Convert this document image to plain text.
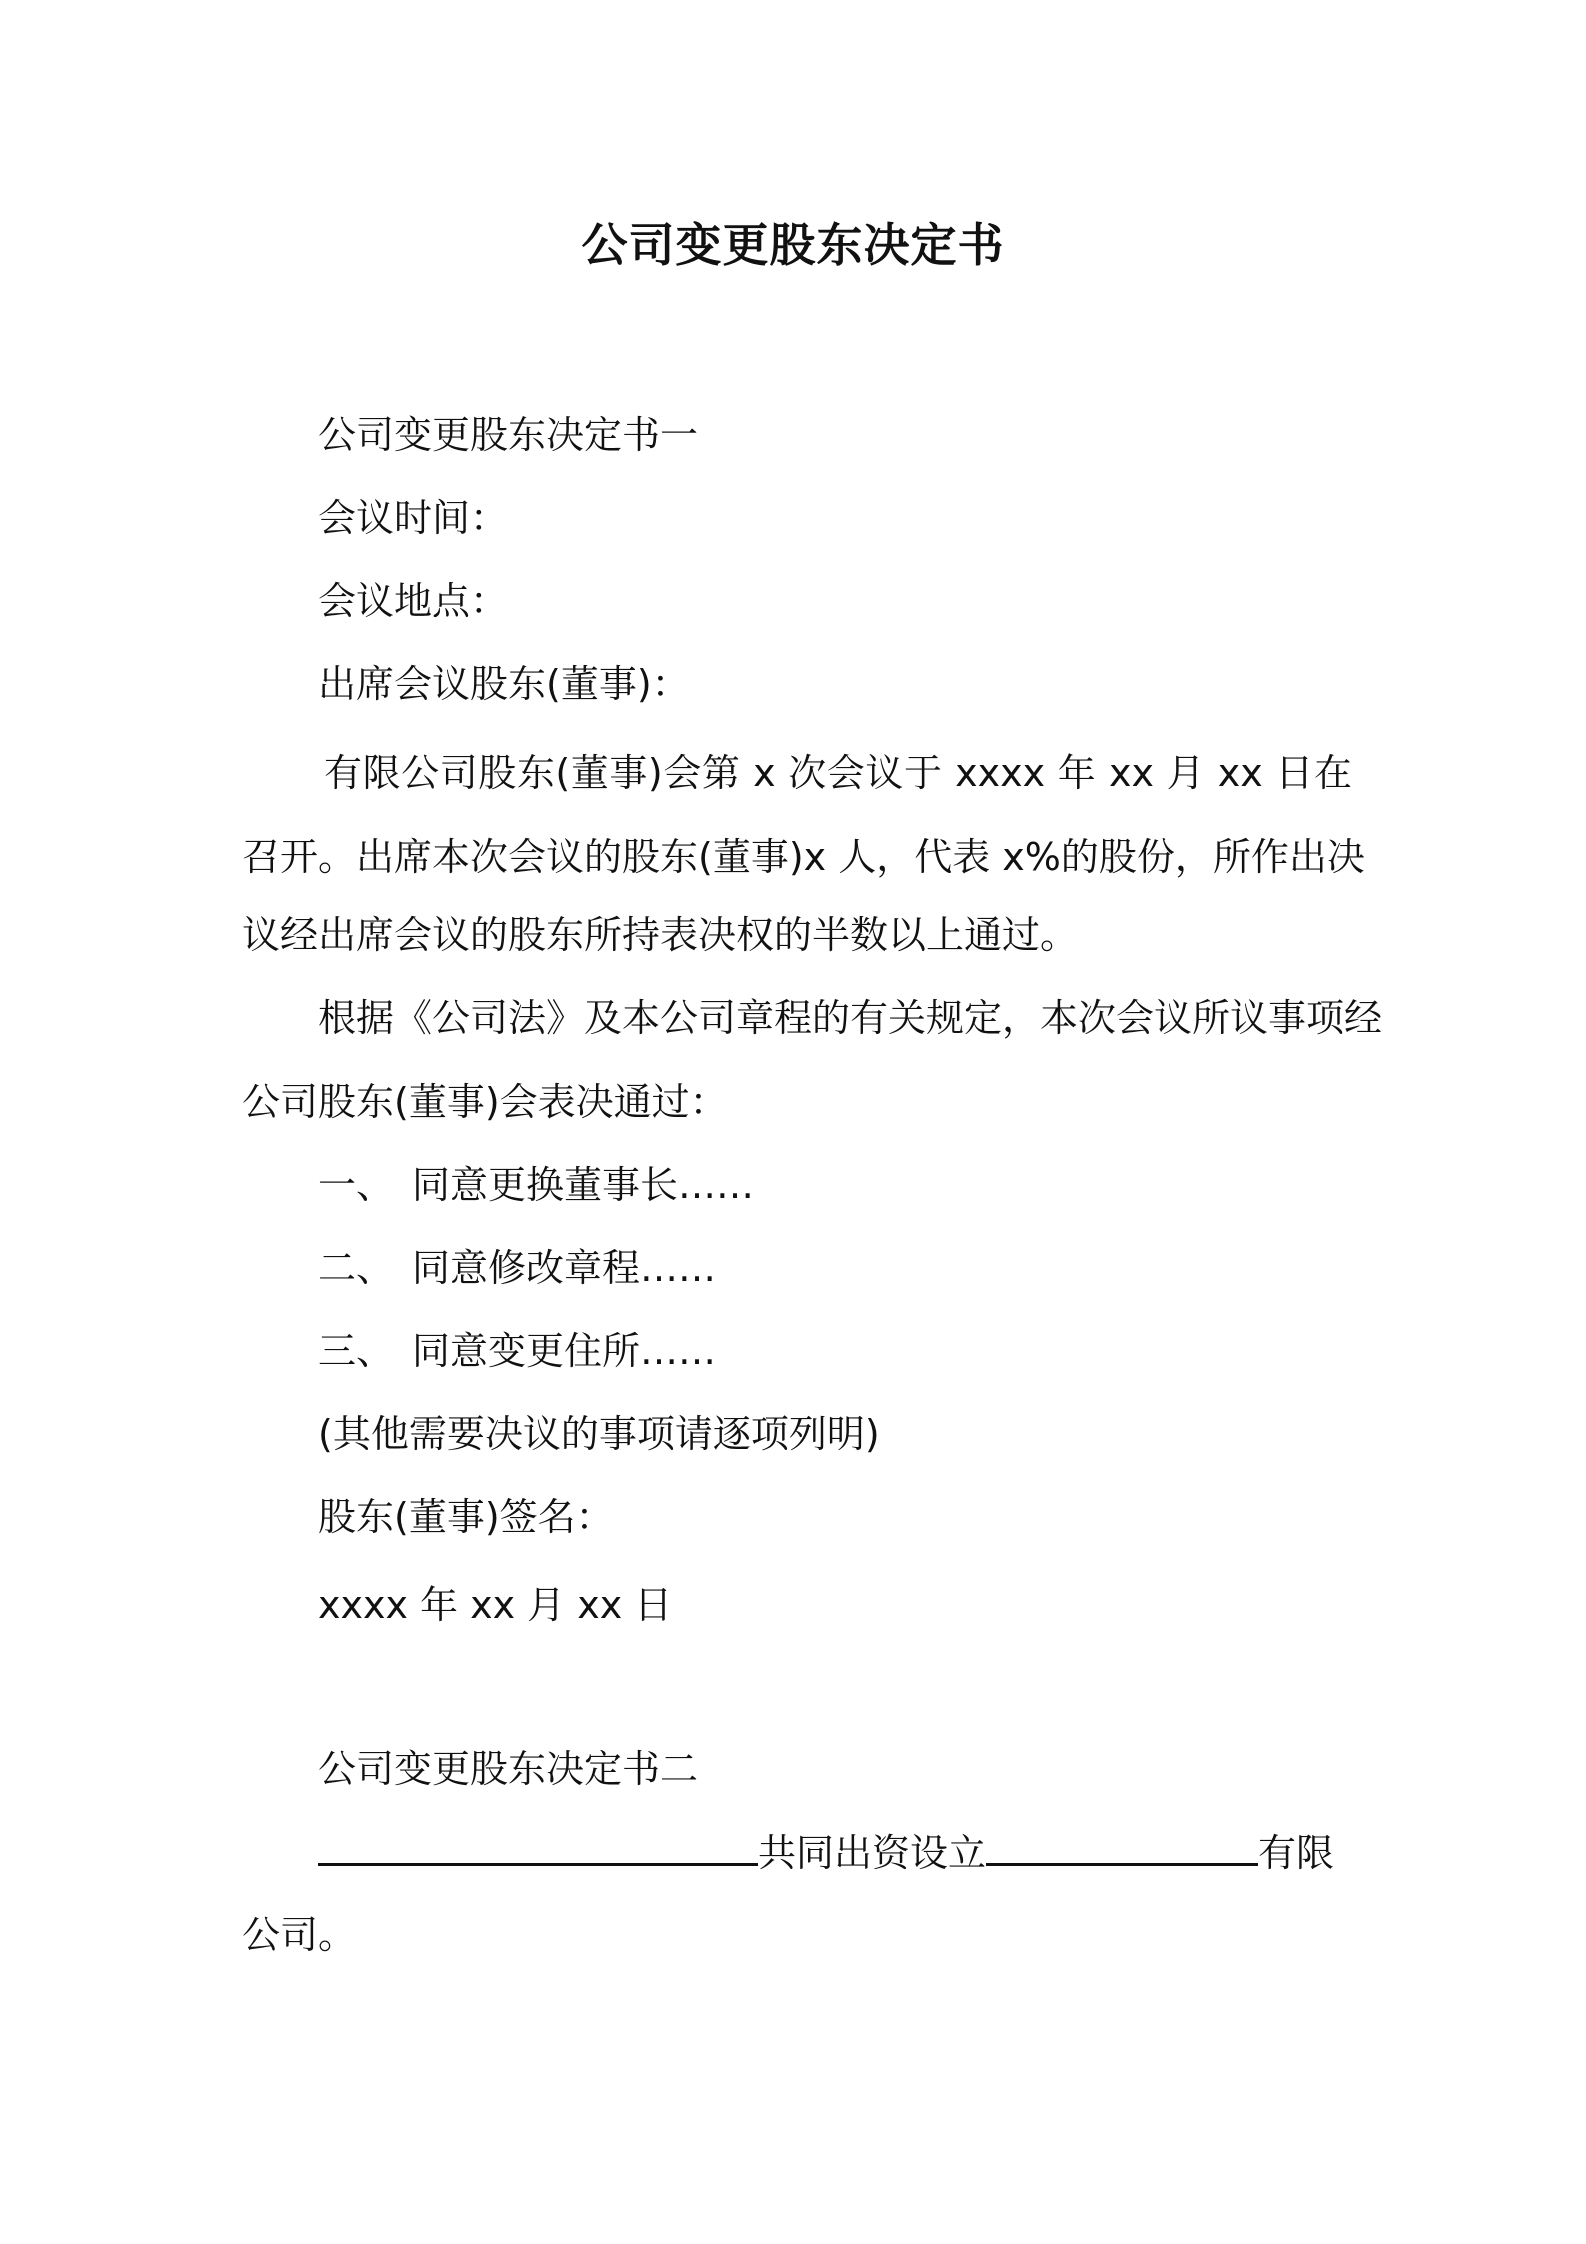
公司变更股东决定书
公司变更股东决定书一
会议时间：
会议地点：
出席会议股东(董事)：
有限公司股东(董事)会第 x 次会议于 xxxx 年 xx 月 xx 日在
召开。出席本次会议的股东(董事)x 人，代表 x%的股份，所作出决
议经出席会议的股东所持表决权的半数以上通过。
根据《公司法》及本公司章程的有关规定，本次会议所议事项经
公司股东(董事)会表决通过：
一、 同意更换董事长……
二、 同意修改章程……
三、 同意变更住所……
(其他需要决议的事项请逐项列明)
股东(董事)签名：
xxxx 年 xx 月 xx 日
公司变更股东决定书二
共同出资设立	有限
公司。
